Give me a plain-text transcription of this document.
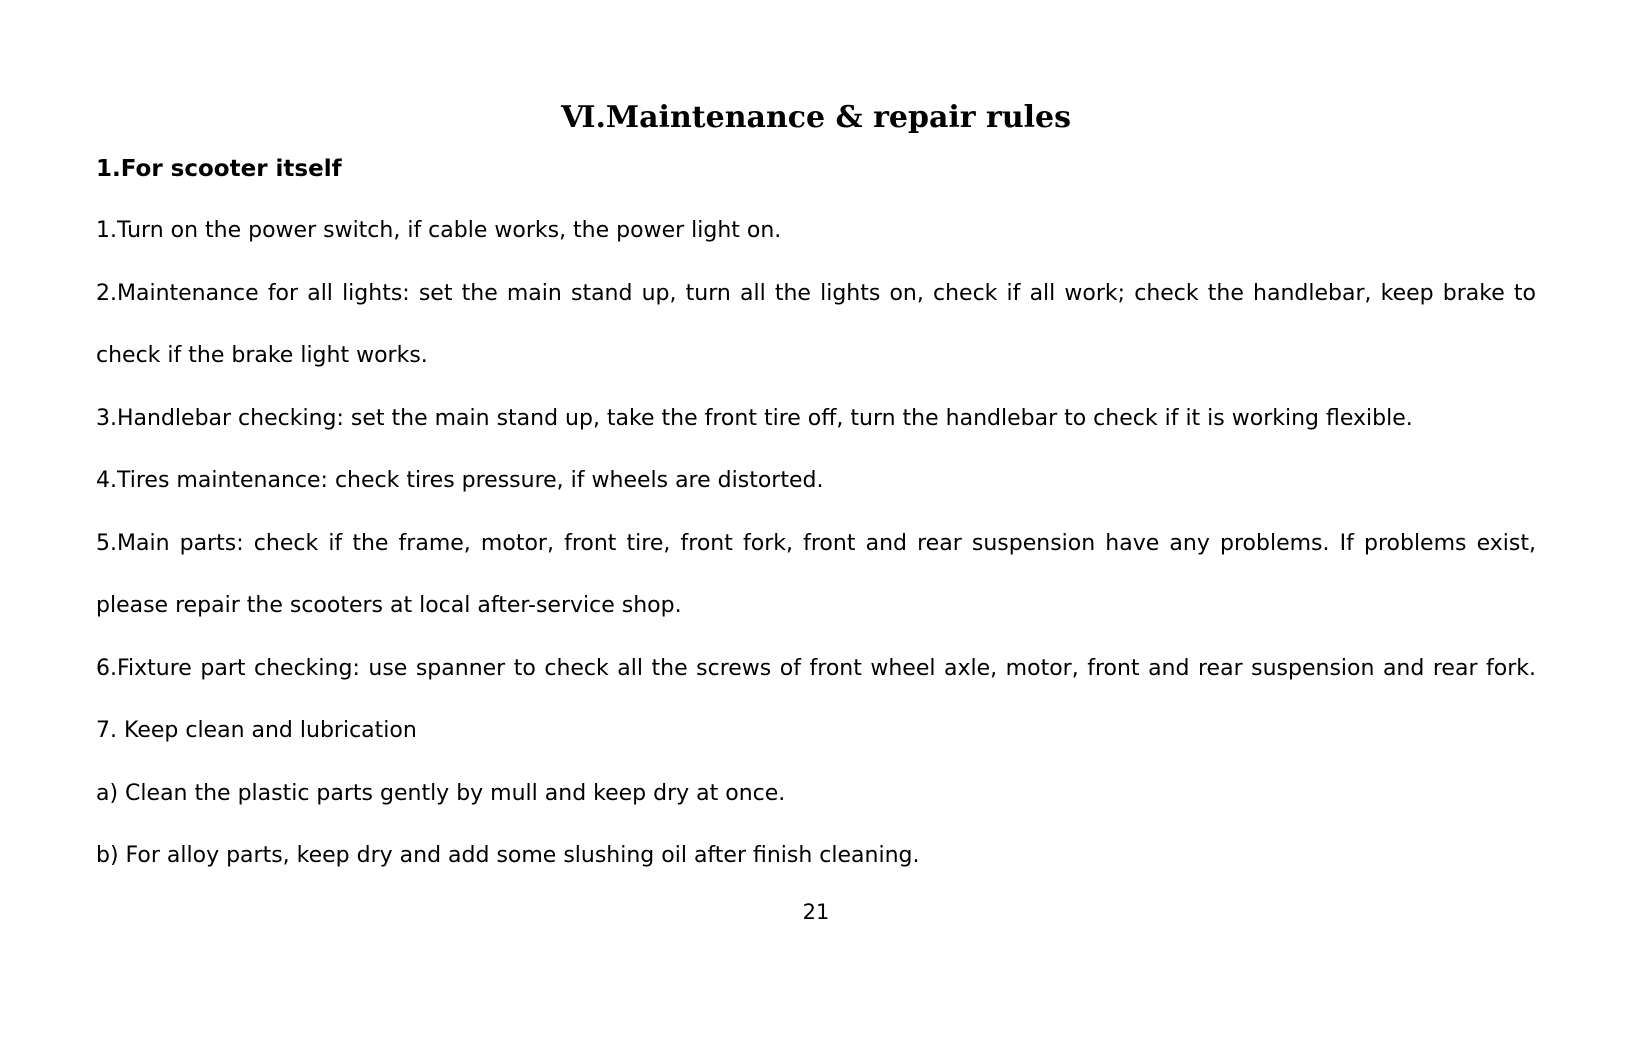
Ⅵ.Maintenance & repair rules
1.For scooter itself
1.Turn on the power switch, if cable works, the power light on.
2.Maintenance for all lights: set the main stand up, turn all the lights on, check if all work; check the handlebar, keep brake to
check if the brake light works.
3.Handlebar checking: set the main stand up, take the front tire off, turn the handlebar to check if it is working flexible.
4.Tires maintenance: check tires pressure, if wheels are distorted.
5.Main parts: check if the frame, motor, front tire, front fork, front and rear suspension have any problems. If problems exist,
please repair the scooters at local after-service shop.
6.Fixture part checking: use spanner to check all the screws of front wheel axle, motor, front and rear suspension and rear fork.
7. Keep clean and lubrication
a) Clean the plastic parts gently by mull and keep dry at once.
b) For alloy parts, keep dry and add some slushing oil after finish cleaning.
21
